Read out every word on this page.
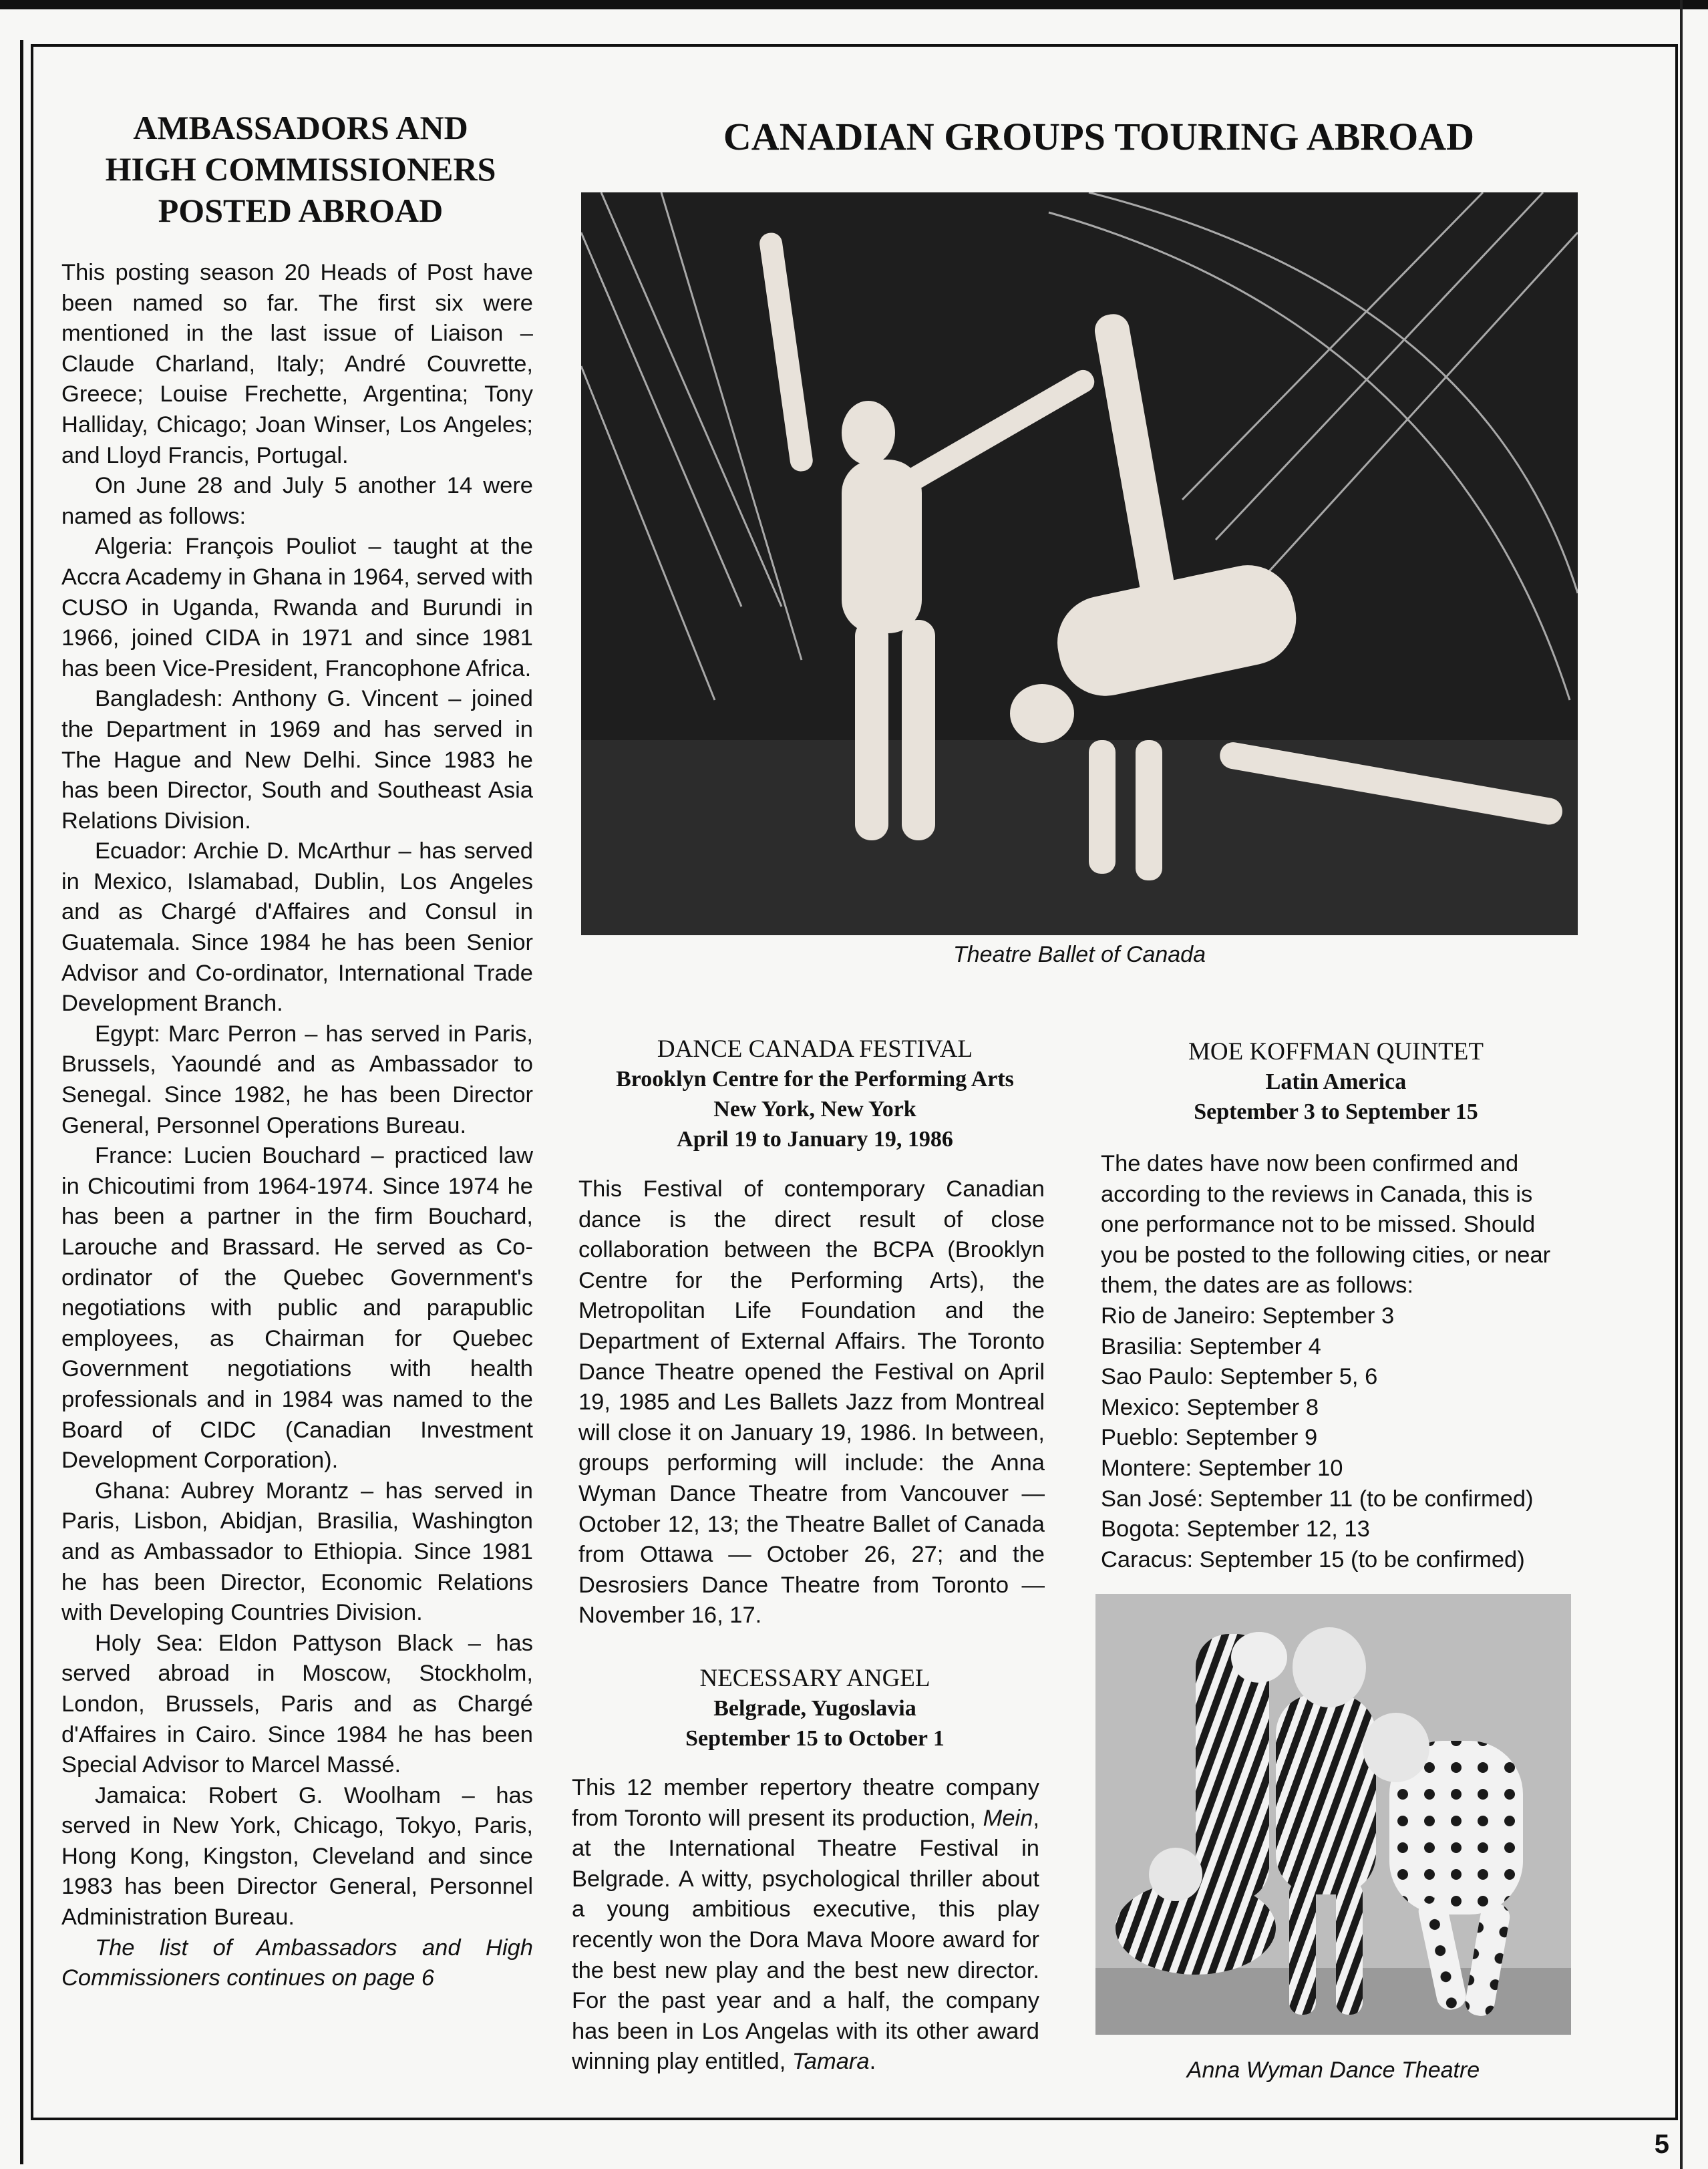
AMBASSADORS AND
HIGH COMMISSIONERS
POSTED ABROAD

This posting season 20 Heads of Post have been named so far. The first six were mentioned in the last issue of Liaison – Claude Charland, Italy; André Couvrette, Greece; Louise Frechette, Argentina; Tony Halliday, Chicago; Joan Winser, Los Angeles; and Lloyd Francis, Portugal.

On June 28 and July 5 another 14 were named as follows:

Algeria: François Pouliot – taught at the Accra Academy in Ghana in 1964, served with CUSO in Uganda, Rwanda and Burundi in 1966, joined CIDA in 1971 and since 1981 has been Vice-President, Francophone Africa.

Bangladesh: Anthony G. Vincent – joined the Department in 1969 and has served in The Hague and New Delhi. Since 1983 he has been Director, South and Southeast Asia Relations Division.

Ecuador: Archie D. McArthur – has served in Mexico, Islamabad, Dublin, Los Angeles and as Chargé d'Affaires and Consul in Guatemala. Since 1984 he has been Senior Advisor and Co-ordinator, International Trade Development Branch.

Egypt: Marc Perron – has served in Paris, Brussels, Yaoundé and as Ambassador to Senegal. Since 1982, he has been Director General, Personnel Operations Bureau.

France: Lucien Bouchard – practiced law in Chicoutimi from 1964-1974. Since 1974 he has been a partner in the firm Bouchard, Larouche and Brassard. He served as Co-ordinator of the Quebec Government's negotiations with public and parapublic employees, as Chairman for Quebec Government negotiations with health professionals and in 1984 was named to the Board of CIDC (Canadian Investment Development Corporation).

Ghana: Aubrey Morantz – has served in Paris, Lisbon, Abidjan, Brasilia, Washington and as Ambassador to Ethiopia. Since 1981 he has been Director, Economic Relations with Developing Countries Division.

Holy Sea: Eldon Pattyson Black – has served abroad in Moscow, Stockholm, London, Brussels, Paris and as Chargé d'Affaires in Cairo. Since 1984 he has been Special Advisor to Marcel Massé.

Jamaica: Robert G. Woolham – has served in New York, Chicago, Tokyo, Paris, Hong Kong, Kingston, Cleveland and since 1983 has been Director General, Personnel Administration Bureau.

The list of Ambassadors and High Commissioners continues on page 6

CANADIAN GROUPS TOURING ABROAD
Theatre Ballet of Canada
DANCE CANADA FESTIVAL
Brooklyn Centre for the Performing Arts
New York, New York
April 19 to January 19, 1986
This Festival of contemporary Canadian dance is the direct result of close collaboration between the BCPA (Brooklyn Centre for the Performing Arts), the Metropolitan Life Foundation and the Department of External Affairs. The Toronto Dance Theatre opened the Festival on April 19, 1985 and Les Ballets Jazz from Montreal will close it on January 19, 1986. In between, groups performing will include: the Anna Wyman Dance Theatre from Vancouver — October 12, 13; the Theatre Ballet of Canada from Ottawa — October 26, 27; and the Desrosiers Dance Theatre from Toronto — November 16, 17.
NECESSARY ANGEL
Belgrade, Yugoslavia
September 15 to October 1
This 12 member repertory theatre company from Toronto will present its production, Mein, at the International Theatre Festival in Belgrade. A witty, psychological thriller about a young ambitious executive, this play recently won the Dora Mava Moore award for the best new play and the best new director. For the past year and a half, the company has been in Los Angelas with its other award winning play entitled, Tamara.
MOE KOFFMAN QUINTET
Latin America
September 3 to September 15
The dates have now been confirmed and according to the reviews in Canada, this is one performance not to be missed. Should you be posted to the following cities, or near them, the dates are as follows:
Rio de Janeiro: September 3
Brasilia: September 4
Sao Paulo: September 5, 6
Mexico: September 8
Pueblo: September 9
Montere: September 10
San José: September 11 (to be confirmed)
Bogota: September 12, 13
Caracus: September 15 (to be confirmed)
Anna Wyman Dance Theatre
5
